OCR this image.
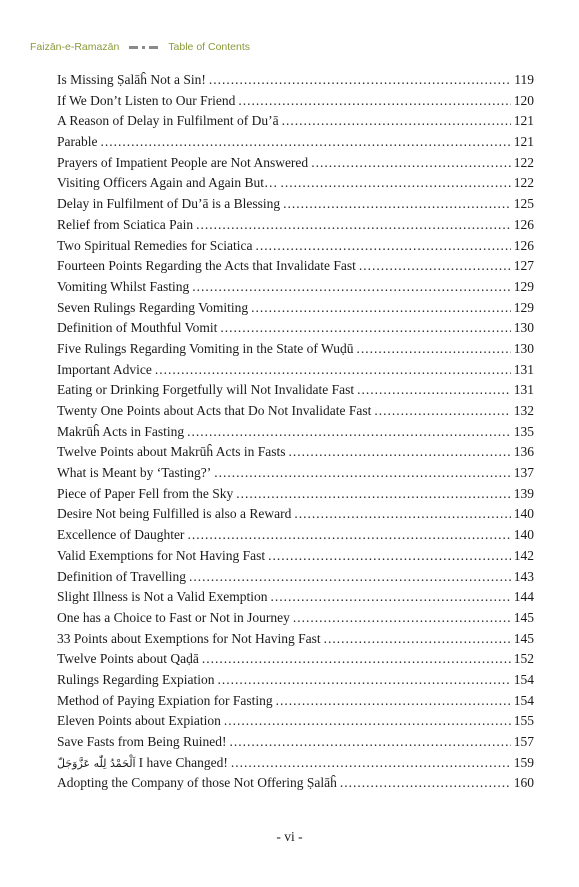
Faizān-e-Ramazān	Table of Contents
Is Missing Ṣalāĥ Not a Sin! .....	119
If We Don’t Listen to Our Friend .....	120
A Reason of Delay in Fulfilment of Du’ā .....	121
Parable .....	121
Prayers of Impatient People are Not Answered .....	122
Visiting Officers Again and Again But… .....	122
Delay in Fulfilment of Du’ā is a Blessing .....	125
Relief from Sciatica Pain .....	126
Two Spiritual Remedies for Sciatica .....	126
Fourteen Points Regarding the Acts that Invalidate Fast .....	127
Vomiting Whilst Fasting .....	129
Seven Rulings Regarding Vomiting .....	129
Definition of Mouthful Vomit .....	130
Five Rulings Regarding Vomiting in the State of Wuḍū .....	130
Important Advice .....	131
Eating or Drinking Forgetfully will Not Invalidate Fast .....	131
Twenty One Points about Acts that Do Not Invalidate Fast .....	132
Makrūĥ Acts in Fasting .....	135
Twelve Points about Makrūĥ Acts in Fasts .....	136
What is Meant by ‘Tasting?’ .....	137
Piece of Paper Fell from the Sky .....	139
Desire Not being Fulfilled is also a Reward .....	140
Excellence of Daughter .....	140
Valid Exemptions for Not Having Fast .....	142
Definition of Travelling .....	143
Slight Illness is Not a Valid Exemption .....	144
One has a Choice to Fast or Not in Journey .....	145
33 Points about Exemptions for Not Having Fast .....	145
Twelve Points about Qaḍā .....	152
Rulings Regarding Expiation .....	154
Method of Paying Expiation for Fasting .....	154
Eleven Points about Expiation .....	155
Save Fasts from Being Ruined! .....	157
اَلْحَمْدُ لِلّٰه عَزَّوَجَلّ I have Changed! .....	159
Adopting the Company of those Not Offering Ṣalāĥ .....	160
- vi -
